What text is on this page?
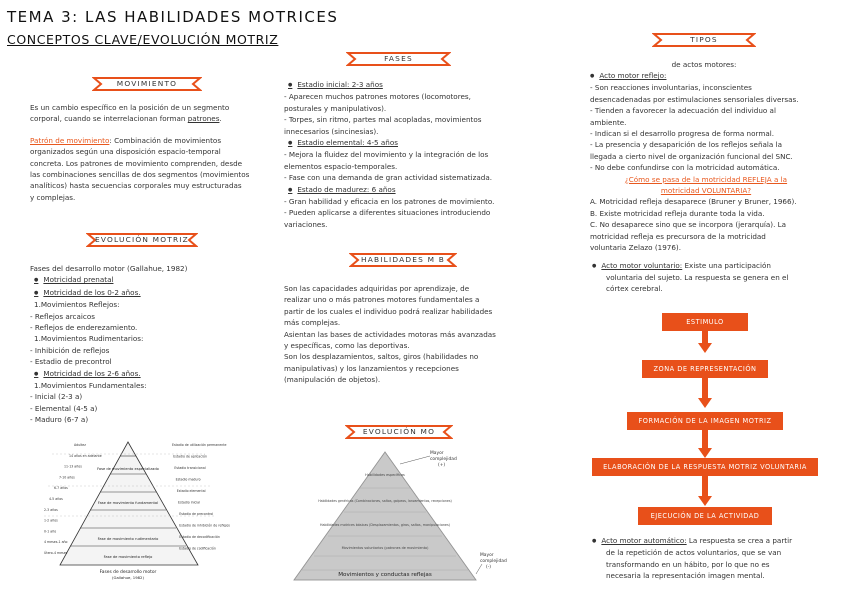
TEMA 3: LAS HABILIDADES MOTRICES
CONCEPTOS CLAVE/EVOLUCIÓN MOTRIZ
MOVIMIENTO
Es un cambio específico en la posición de un segmento
corporal, cuando se interrelacionan forman patrones.
Patrón de movimiento: Combinación de movimientos
organizados según una disposición espacio-temporal
concreta. Los patrones de movimiento comprenden, desde
las combinaciones sencillas de dos segmentos (movimientos
analíticos) hasta secuencias corporales muy estructuradas
y complejas.
EVOLUCIÓN MOTRIZ
Fases del desarrollo motor (Gallahue, 1982)
● Motricidad prenatal
● Motricidad de los 0-2 años.
1.Movimientos Reflejos:
- Reflejos arcaicos
- Reflejos de enderezamiento.
1.Movimientos Rudimentarios:
- Inhibición de reflejos
- Estadio de precontrol
● Motricidad de los 2-6 años.
1.Movimientos Fundamentales:
- Inicial (2-3 a)
- Elemental (4-5 a)
- Maduro (6-7 a)
Fase de movimiento especializado
Fase de movimiento fundamental
Fase de movimiento rudimentario
Fase de movimiento reflejo
Estadio de utilización permanente
Estadio de aplicación
Estadio transicional
Estadio maduro
Estadio elemental
Estadio inicial
Estadio de precontrol
Estadio de inhibición de reflejos
Estadio de decodificación
Estadio de codificación
Adultez
14 años en adelante
11-13 años
7-10 años
6-7 años
4-5 años
2-3 años
1-2 años
0-1 año
4 meses-1 año
Útero-4 meses
Fases de desarrollo motor
(Gallahue, 1982)
FASES
● Estadio inicial: 2-3 años
- Aparecen muchos patrones motores (locomotores,
posturales y manipulativos).
- Torpes, sin ritmo, partes mal acopladas, movimientos
innecesarios (sincinesias).
● Estadio elemental: 4-5 años
- Mejora la fluidez del movimiento y la integración de los
elementos espacio-temporales.
- Fase con una demanda de gran actividad sistematizada.
● Estado de madurez: 6 años
- Gran habilidad y eficacia en los patrones de movimiento.
- Pueden aplicarse a diferentes situaciones introduciendo
variaciones.
HABILIDADES M B
Son las capacidades adquiridas por aprendizaje, de
realizar uno o más patrones motores fundamentales a
partir de los cuales el individuo podrá realizar habilidades
más complejas.
Asientan las bases de actividades motoras más avanzadas
y específicas, como las deportivas.
Son los desplazamientos, saltos, giros (habilidades no
manipulativas) y los lanzamientos y recepciones
(manipulación de objetos).
EVOLUCIÓN MO
Habilidades específicas
Habilidades genéricas (Combinaciones, saltos, golpeos, lanzamientos, recepciones)
Habilidades motrices básicas (Desplazamientos, giros, saltos, manipulaciones)
Movimientos voluntarios (patrones de movimiento)
Movimientos y conductas reflejas
Mayor
complejidad
(+)
Mayor
complejidad
(-)
TIPOS
de actos motores:
● Acto motor reflejo:
- Son reacciones involuntarias, inconscientes
desencadenadas por estimulaciones sensoriales diversas.
- Tienden a favorecer la adecuación del individuo al
ambiente.
- Indican si el desarrollo progresa de forma normal.
- La presencia y desaparición de los reflejos señala la
llegada a cierto nivel de organización funcional del SNC.
- No debe confundirse con la motricidad automática.
¿Cómo se pasa de la motricidad REFLEJA a la
motricidad VOLUNTARIA?
A. Motricidad refleja desaparece (Bruner y Bruner, 1966).
B. Existe motricidad refleja durante toda la vida.
C. No desaparece sino que se incorpora (jerarquía). La
motricidad refleja es precursora de la motricidad
voluntaria Zelazo (1976).
● Acto motor voluntario: Existe una participación
voluntaria del sujeto. La respuesta se genera en el
córtex cerebral.
ESTIMULO
ZONA DE REPRESENTACIÓN
FORMACIÓN DE LA IMAGEN MOTRIZ
ELABORACIÓN DE LA RESPUESTA MOTRIZ VOLUNTARIA
EJECUCIÓN DE LA ACTIVIDAD
● Acto motor automático: La respuesta se crea a partir
de la repetición de actos voluntarios, que se van
transformando en un hábito, por lo que no es
necesaria la representación imagen mental.
